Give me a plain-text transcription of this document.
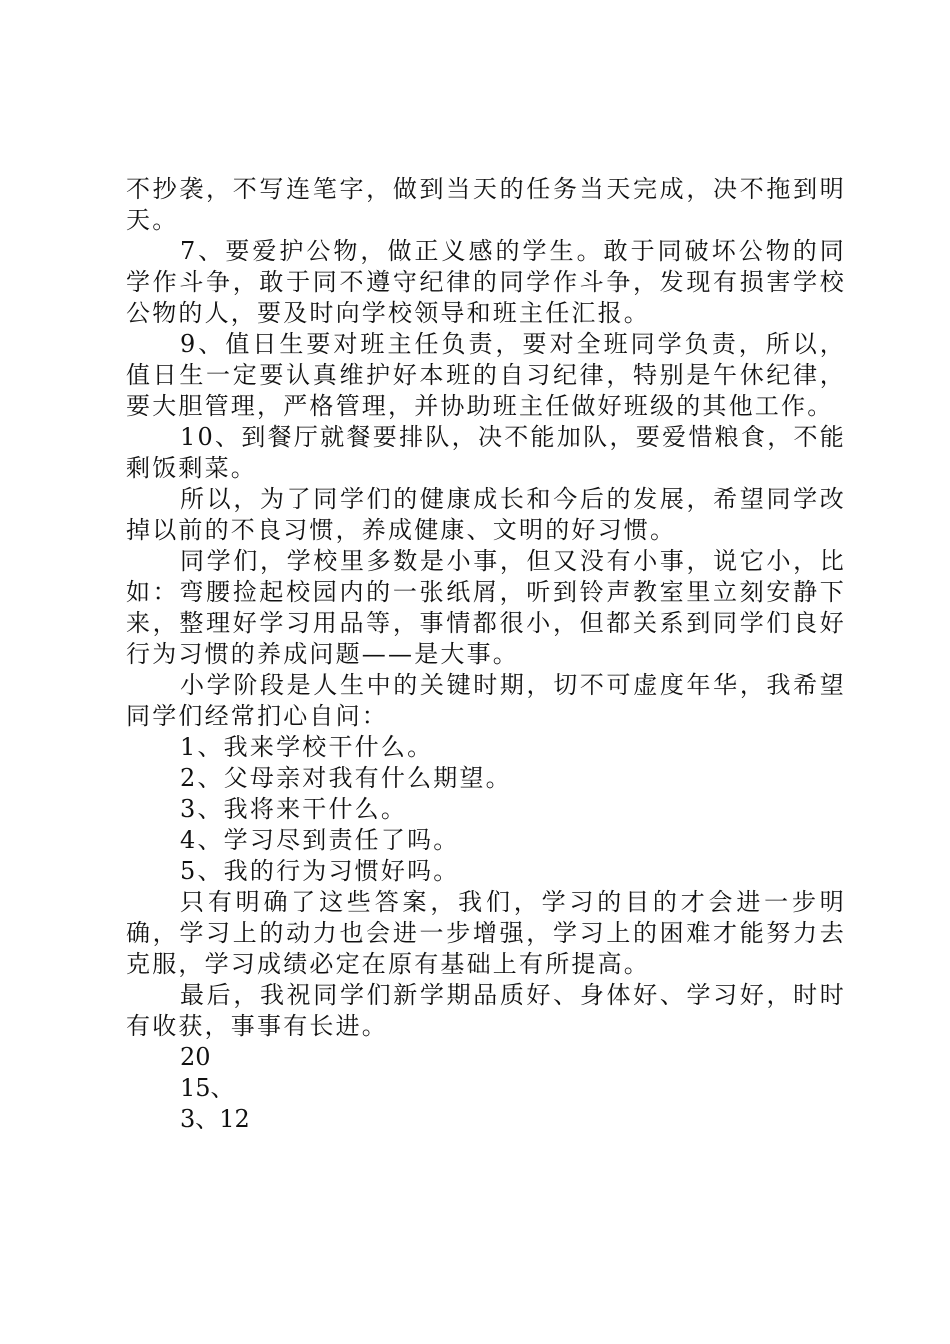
不抄袭，不写连笔字，做到当天的任务当天完成，决不拖到明天。

7、要爱护公物，做正义感的学生。敢于同破坏公物的同学作斗争，敢于同不遵守纪律的同学作斗争，发现有损害学校公物的人，要及时向学校领导和班主任汇报。

9、值日生要对班主任负责，要对全班同学负责，所以，值日生一定要认真维护好本班的自习纪律，特别是午休纪律，要大胆管理，严格管理，并协助班主任做好班级的其他工作。

10、到餐厅就餐要排队，决不能加队，要爱惜粮食，不能剩饭剩菜。

所以，为了同学们的健康成长和今后的发展，希望同学改掉以前的不良习惯，养成健康、文明的好习惯。

同学们，学校里多数是小事，但又没有小事，说它小，比如：弯腰捡起校园内的一张纸屑，听到铃声教室里立刻安静下来，整理好学习用品等，事情都很小，但都关系到同学们良好行为习惯的养成问题——是大事。

小学阶段是人生中的关键时期，切不可虚度年华，我希望同学们经常扪心自问：

1、我来学校干什么。

2、父母亲对我有什么期望。

3、我将来干什么。

4、学习尽到责任了吗。

5、我的行为习惯好吗。

只有明确了这些答案，我们，学习的目的才会进一步明确，学习上的动力也会进一步增强，学习上的困难才能努力去克服，学习成绩必定在原有基础上有所提高。

最后，我祝同学们新学期品质好、身体好、学习好，时时有收获，事事有长进。

20

15、

3、12
